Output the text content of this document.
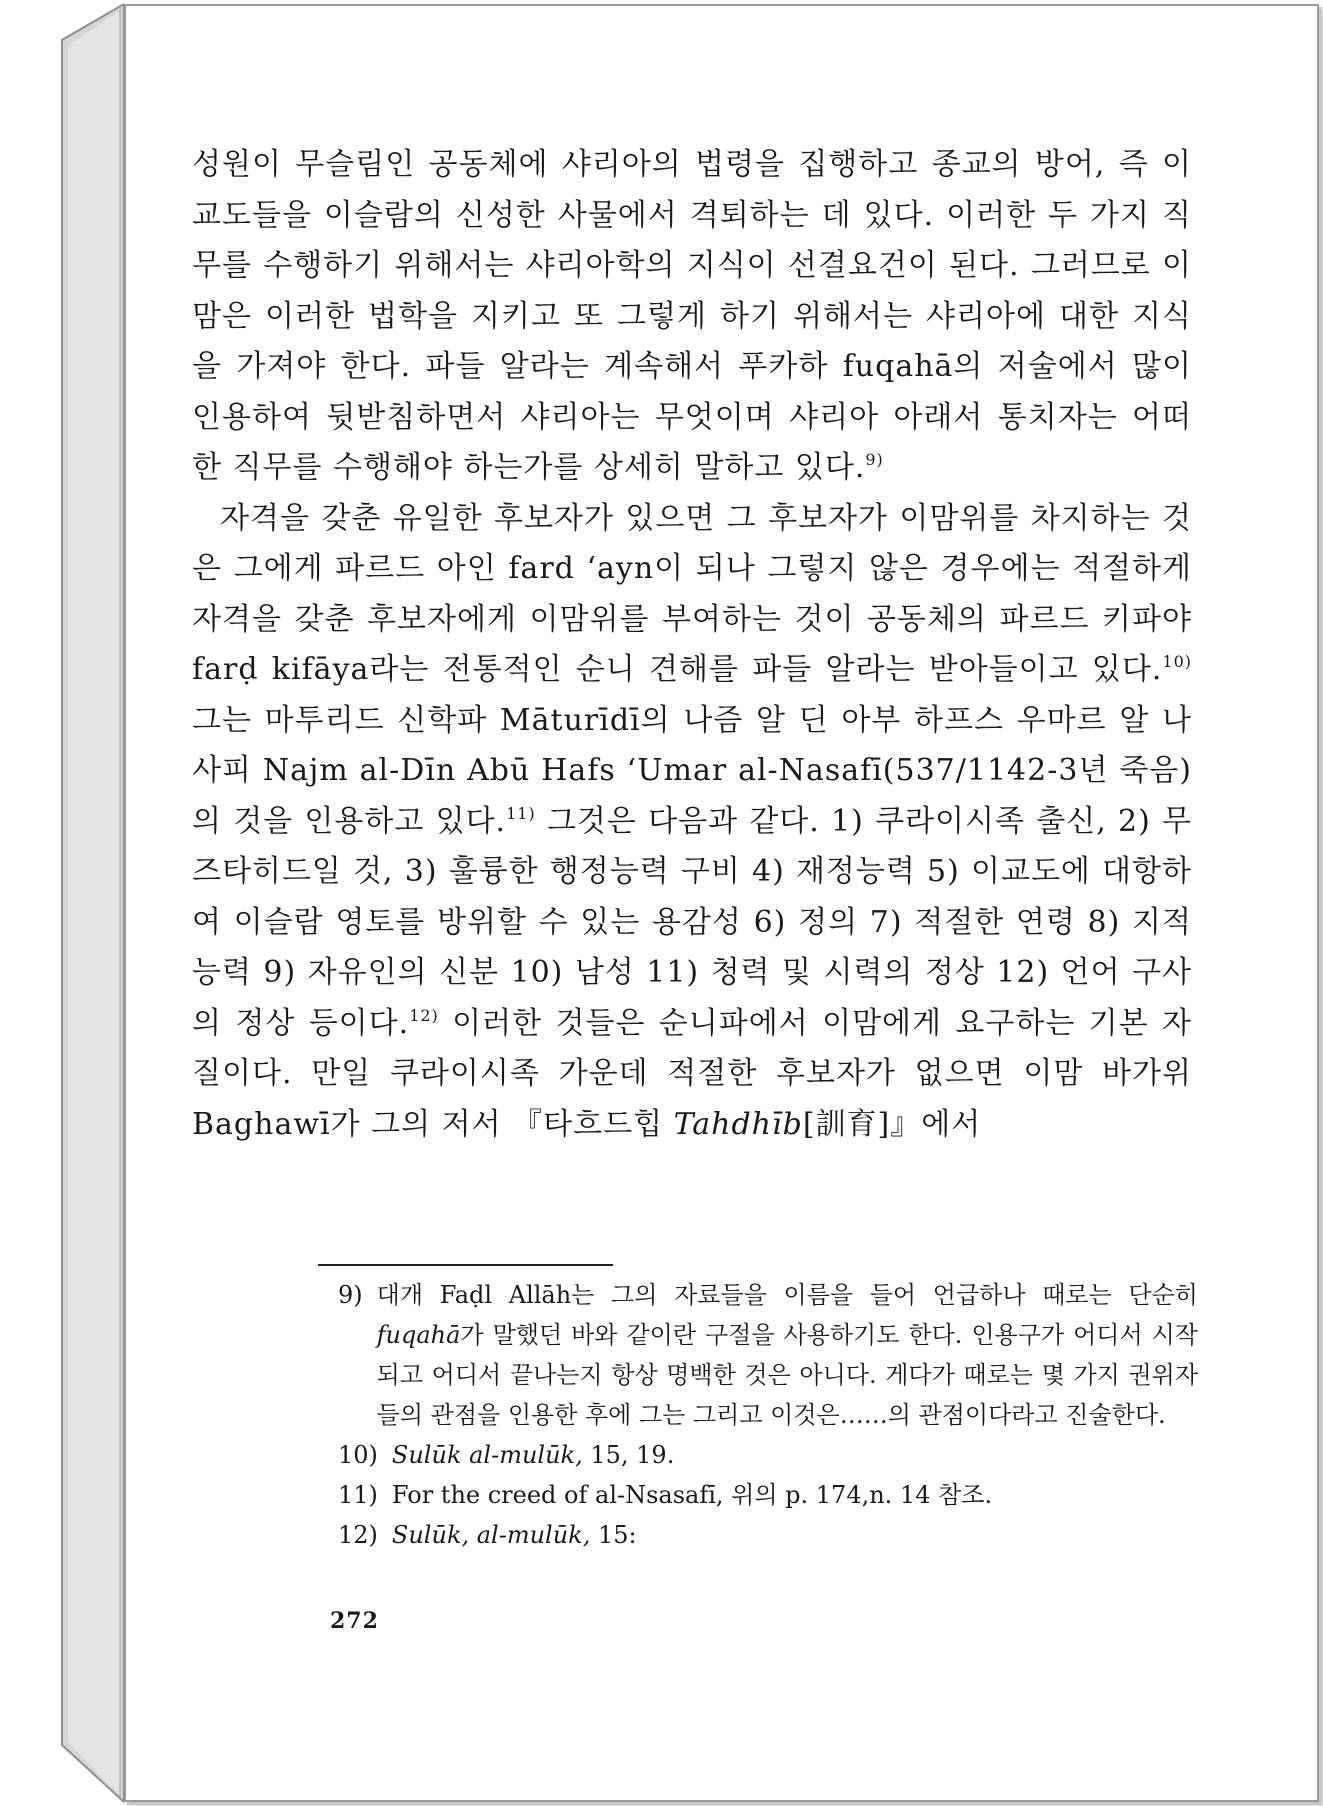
성원이 무슬림인 공동체에 샤리아의 법령을 집행하고 종교의 방어, 즉 이교도들을 이슬람의 신성한 사물에서 격퇴하는 데 있다. 이러한 두 가지 직무를 수행하기 위해서는 샤리아학의 지식이 선결요건이 된다. 그러므로 이맘은 이러한 법학을 지키고 또 그렇게 하기 위해서는 샤리아에 대한 지식을 가져야 한다. 파들 알라는 계속해서 푸카하 fuqahā의 저술에서 많이 인용하여 뒷받침하면서 샤리아는 무엇이며 샤리아 아래서 통치자는 어떠한 직무를 수행해야 하는가를 상세히 말하고 있다.$^{9)}$

자격을 갖춘 유일한 후보자가 있으면 그 후보자가 이맘위를 차지하는 것은 그에게 파르드 아인 fard ‘ayn이 되나 그렇지 않은 경우에는 적절하게 자격을 갖춘 후보자에게 이맘위를 부여하는 것이 공동체의 파르드 키파야 farḍ kifāya라는 전통적인 순니 견해를 파들 알라는 받아들이고 있다.$^{10)}$ 그는 마투리드 신학파 Māturīdī의 나즘 알 딘 아부 하프스 우마르 알 나사피 Najm al-Dīn Abū Hafs ‘Umar al-Nasafī(537/1142-3년 죽음)의 것을 인용하고 있다.$^{11)}$ 그것은 다음과 같다. 1) 쿠라이시족 출신, 2) 무즈타히드일 것, 3) 훌륭한 행정능력 구비 4) 재정능력 5) 이교도에 대항하여 이슬람 영토를 방위할 수 있는 용감성 6) 정의 7) 적절한 연령 8) 지적 능력 9) 자유인의 신분 10) 남성 11) 청력 및 시력의 정상 12) 언어 구사의 정상 등이다.$^{12)}$ 이러한 것들은 순니파에서 이맘에게 요구하는 기본 자질이다. 만일 쿠라이시족 가운데 적절한 후보자가 없으면 이맘 바가위 Baghawī가 그의 저서 『타흐드힙 Tahdhīb[訓育]』에서

9) 대개 Faḍl Allāh는 그의 자료들을 이름을 들어 언급하나 때로는 단순히 fuqahā가 말했던 바와 같이란 구절을 사용하기도 한다. 인용구가 어디서 시작되고 어디서 끝나는지 항상 명백한 것은 아니다. 게다가 때로는 몇 가지 권위자들의 관점을 인용한 후에 그는 그리고 이것은……의 관점이다라고 진술한다.
10) Sulūk al-mulūk, 15, 19.
11) For the creed of al-Nsasafī, 위의 p. 174,n. 14 참조.
12) Sulūk, al-mulūk, 15:
272
